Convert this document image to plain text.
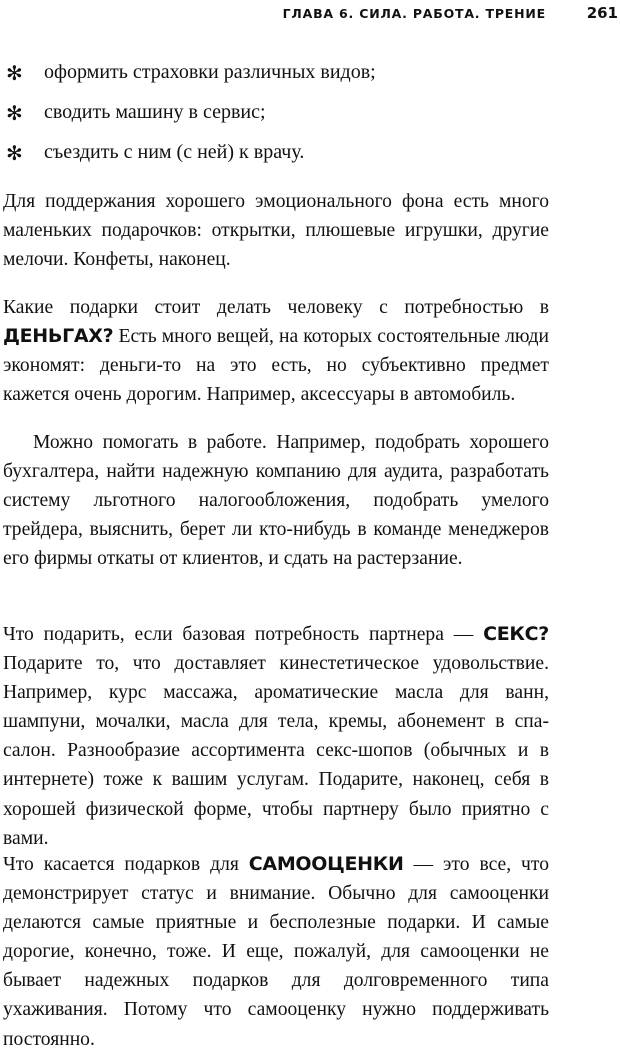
ГЛАВА 6. СИЛА. РАБОТА. ТРЕНИЕ	261
✻ оформить страховки различных видов;
✻ сводить машину в сервис;
✻ съездить с ним (с ней) к врачу.

Для поддержания хорошего эмоционального фона есть много маленьких подарочков: открытки, плюшевые игрушки, другие мелочи. Конфеты, наконец.

Какие подарки стоит делать человеку с потребностью в ДЕНЬГАХ? Есть много вещей, на которых состоятельные люди экономят: деньги-то на это есть, но субъективно предмет кажется очень дорогим. Например, аксессуары в автомобиль.

Можно помогать в работе. Например, подобрать хорошего бухгалтера, найти надежную компанию для аудита, разработать систему льготного налогообложения, подобрать умелого трейдера, выяснить, берет ли кто-нибудь в команде менеджеров его фирмы откаты от клиентов, и сдать на растерзание.

Что подарить, если базовая потребность партнера — СЕКС? Подарите то, что доставляет кинестетическое удовольствие. Например, курс массажа, ароматические масла для ванн, шампуни, мочалки, масла для тела, кремы, абонемент в спа-салон. Разнообразие ассортимента секс-шопов (обычных и в интернете) тоже к вашим услугам. Подарите, наконец, себя в хорошей физической форме, чтобы партнеру было приятно с вами.

Что касается подарков для САМООЦЕНКИ — это все, что демонстрирует статус и внимание. Обычно для самооценки делаются самые приятные и бесполезные подарки. И самые дорогие, конечно, тоже. И еще, пожалуй, для самооценки не бывает надежных подарков для долговременного типа ухаживания. Потому что самооценку нужно поддерживать постоянно.
